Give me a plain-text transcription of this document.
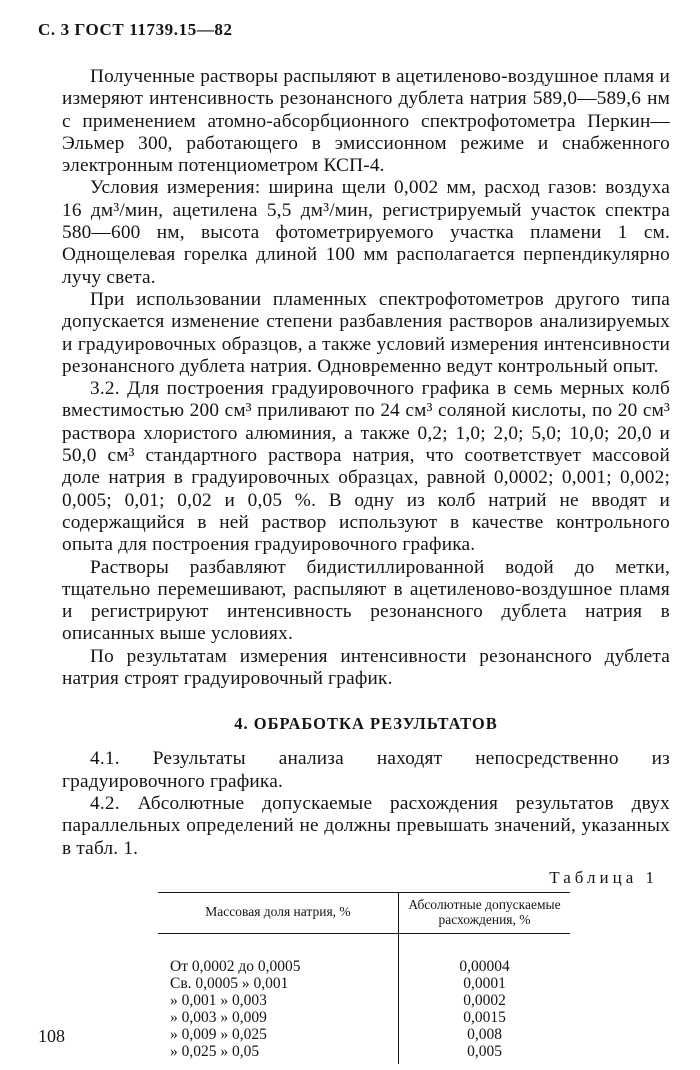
С. 3 ГОСТ 11739.15—82

Полученные растворы распыляют в ацетиленово-воздушное пламя и измеряют интенсивность резонансного дублета натрия 589,0—589,6 нм с применением атомно-абсорбционного спектрофотометра Перкин—Эльмер 300, работающего в эмиссионном режиме и снабженного электронным потенциометром КСП-4.

Условия измерения: ширина щели 0,002 мм, расход газов: воздуха 16 дм³/мин, ацетилена 5,5 дм³/мин, регистрируемый участок спектра 580—600 нм, высота фотометрируемого участка пламени 1 см. Однощелевая горелка длиной 100 мм располагается перпендикулярно лучу света.

При использовании пламенных спектрофотометров другого типа допускается изменение степени разбавления растворов анализируемых и градуировочных образцов, а также условий измерения интенсивности резонансного дублета натрия. Одновременно ведут контрольный опыт.

3.2. Для построения градуировочного графика в семь мерных колб вместимостью 200 см³ приливают по 24 см³ соляной кислоты, по 20 см³ раствора хлористого алюминия, а также 0,2; 1,0; 2,0; 5,0; 10,0; 20,0 и 50,0 см³ стандартного раствора натрия, что соответствует массовой доле натрия в градуировочных образцах, равной 0,0002; 0,001; 0,002; 0,005; 0,01; 0,02 и 0,05 %. В одну из колб натрий не вводят и содержащийся в ней раствор используют в качестве контрольного опыта для построения градуировочного графика.

Растворы разбавляют бидистиллированной водой до метки, тщательно перемешивают, распыляют в ацетиленово-воздушное пламя и регистрируют интенсивность резонансного дублета натрия в описанных выше условиях.

По результатам измерения интенсивности резонансного дублета натрия строят градуировочный график.

4. ОБРАБОТКА РЕЗУЛЬТАТОВ

4.1. Результаты анализа находят непосредственно из градуировочного графика.

4.2. Абсолютные допускаемые расхождения результатов двух параллельных определений не должны превышать значений, указанных в табл. 1.

Таблица 1
Массовая доля натрия, %	Абсолютные допускаемые расхождения, %
От 0,0002 до 0,0005	0,00004
Св. 0,0005 » 0,001	0,0001
» 0,001 » 0,003	0,0002
» 0,003 » 0,009	0,0015
» 0,009 » 0,025	0,008
» 0,025 » 0,05	0,005
108
